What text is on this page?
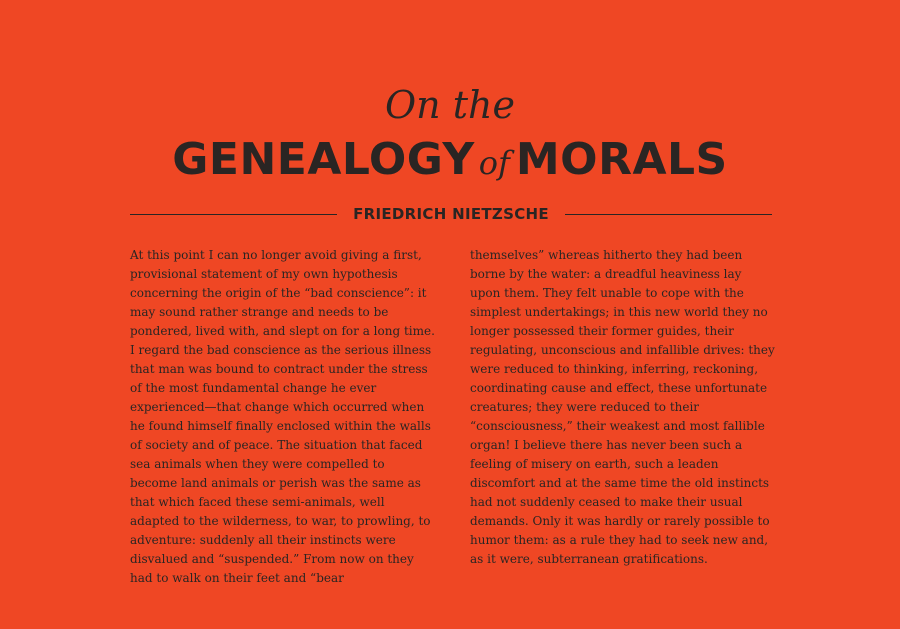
On the
GENEALOGY of MORALS
FRIEDRICH NIETZSCHE
At this point I can no longer avoid giving a first, provisional statement of my own hypothesis concerning the origin of the “bad conscience”: it may sound rather strange and needs to be pondered, lived with, and slept on for a long time. I regard the bad conscience as the serious illness that man was bound to contract under the stress of the most fundamental change he ever experienced—that change which occurred when he found himself finally enclosed within the walls of society and of peace. The situation that faced sea animals when they were compelled to become land animals or perish was the same as that which faced these semi-animals, well adapted to the wilderness, to war, to prowling, to adventure: suddenly all their instincts were disvalued and “suspended.” From now on they had to walk on their feet and “bear
themselves” whereas hitherto they had been borne by the water: a dreadful heaviness lay upon them. They felt unable to cope with the simplest undertakings; in this new world they no longer possessed their former guides, their regulating, unconscious and infallible drives: they were reduced to thinking, inferring, reckoning, coordinating cause and effect, these unfortunate creatures; they were reduced to their “consciousness,” their weakest and most fallible organ! I believe there has never been such a feeling of misery on earth, such a leaden discomfort and at the same time the old instincts had not suddenly ceased to make their usual demands. Only it was hardly or rarely possible to humor them: as a rule they had to seek new and, as it were, subterranean gratifications.
